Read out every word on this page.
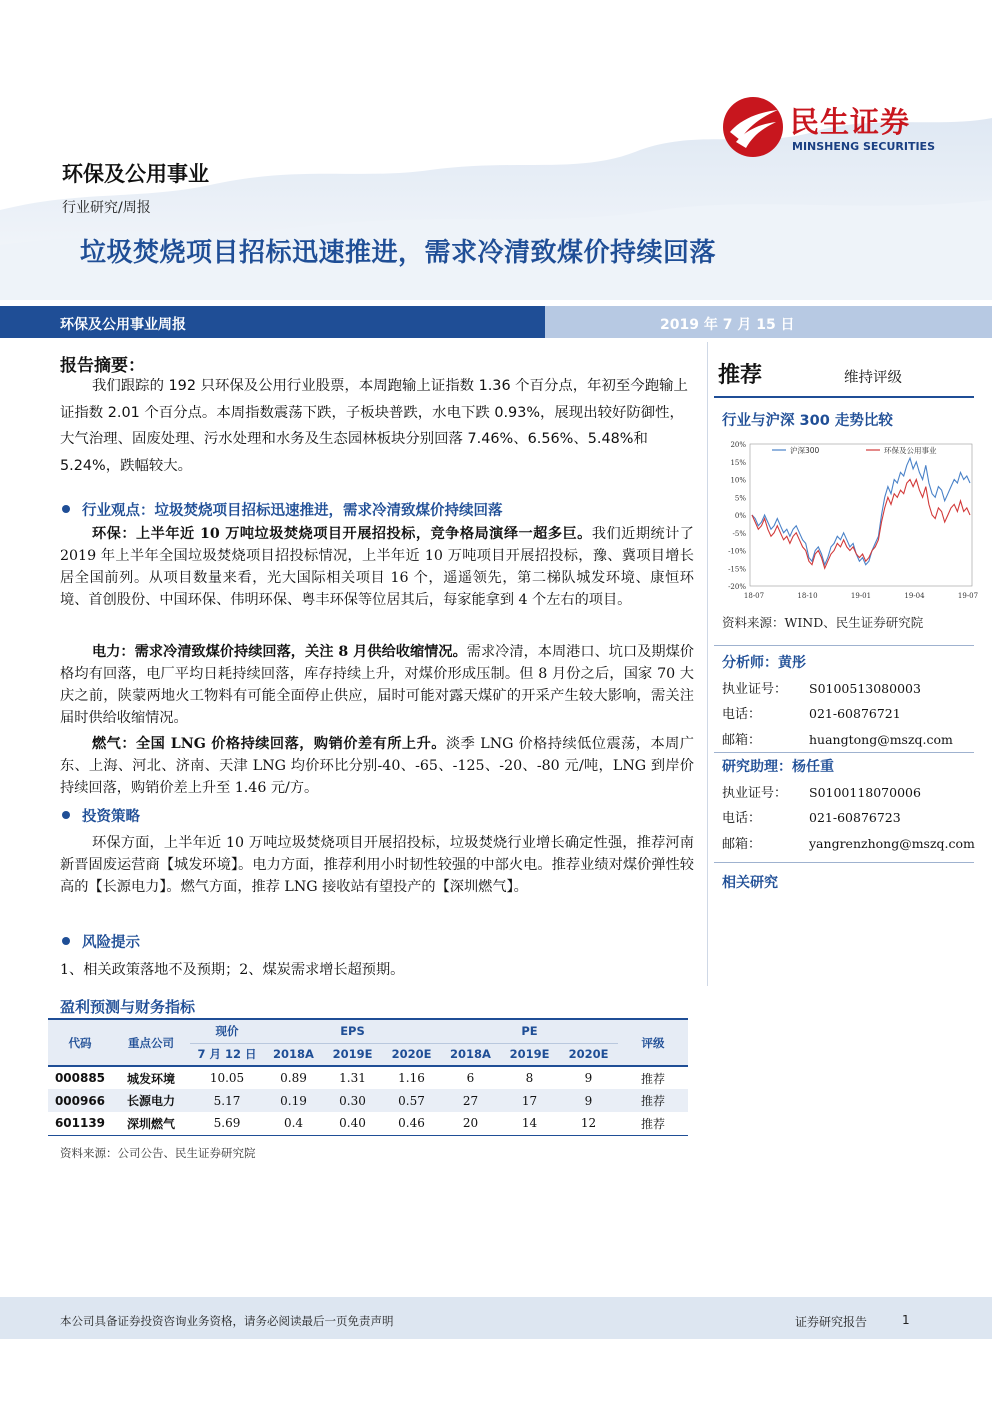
民生证券
MINSHENG SECURITIES
环保及公用事业
行业研究/周报
垃圾焚烧项目招标迅速推进，需求冷清致煤价持续回落
环保及公用事业周报	2019 年 7 月 15 日
报告摘要：
我们跟踪的 192 只环保及公用行业股票，本周跑输上证指数 1.36 个百分点，年初至今跑输上证指数 2.01 个百分点。本周指数震荡下跌，子板块普跌，水电下跌 0.93%，展现出较好防御性，大气治理、固废处理、污水处理和水务及生态园林板块分别回落 7.46%、6.56%、5.48%和 5.24%，跌幅较大。
行业观点：垃圾焚烧项目招标迅速推进，需求冷清致煤价持续回落
环保：上半年近 10 万吨垃圾焚烧项目开展招投标，竞争格局演绎一超多巨。我们近期统计了 2019 年上半年全国垃圾焚烧项目招投标情况，上半年近 10 万吨项目开展招投标，豫、冀项目增长居全国前列。从项目数量来看，光大国际相关项目 16 个，遥遥领先，第二梯队城发环境、康恒环境、首创股份、中国环保、伟明环保、粤丰环保等位居其后，每家能拿到 4 个左右的项目。
电力：需求冷清致煤价持续回落，关注 8 月供给收缩情况。需求冷清，本周港口、坑口及期煤价格均有回落，电厂平均日耗持续回落，库存持续上升，对煤价形成压制。但 8 月份之后，国家 70 大庆之前，陕蒙两地火工物料有可能全面停止供应，届时可能对露天煤矿的开采产生较大影响，需关注届时供给收缩情况。
燃气：全国 LNG 价格持续回落，购销价差有所上升。淡季 LNG 价格持续低位震荡，本周广东、上海、河北、济南、天津 LNG 均价环比分别-40、-65、-125、-20、-80 元/吨，LNG 到岸价持续回落，购销价差上升至 1.46 元/方。
投资策略
环保方面，上半年近 10 万吨垃圾焚烧项目开展招投标，垃圾焚烧行业增长确定性强，推荐河南新晋固废运营商【城发环境】。电力方面，推荐利用小时韧性较强的中部火电。推荐业绩对煤价弹性较高的【长源电力】。燃气方面，推荐 LNG 接收站有望投产的【深圳燃气】。
风险提示
1、相关政策落地不及预期；2、煤炭需求增长超预期。
盈利预测与财务指标
代码	重点公司	现价	EPS			PE			评级
		7 月 12 日	2018A	2019E	2020E	2018A	2019E	2020E	
000885	城发环境	10.05	0.89	1.31	1.16	6	8	9	推荐
000966	长源电力	5.17	0.19	0.30	0.57	27	17	9	推荐
601139	深圳燃气	5.69	0.4	0.40	0.46	20	14	12	推荐
资料来源：公司公告、民生证券研究院
推荐	维持评级
行业与沪深 300 走势比较
20%
15%
10%
5%
0%
-5%
-10%
-15%
-20%
18-07	18-10	19-01	19-04	19-07
沪深300	环保及公用事业
资料来源：WIND、民生证券研究院
分析师：黄彤
执业证号： S0100513080003
电话：	021-60876721
邮箱：	huangtong@mszq.com
研究助理：杨任重
执业证号： S0100118070006
电话：	021-60876723
邮箱：	yangrenzhong@mszq.com
相关研究
本公司具备证券投资咨询业务资格，请务必阅读最后一页免责声明	证券研究报告	1
